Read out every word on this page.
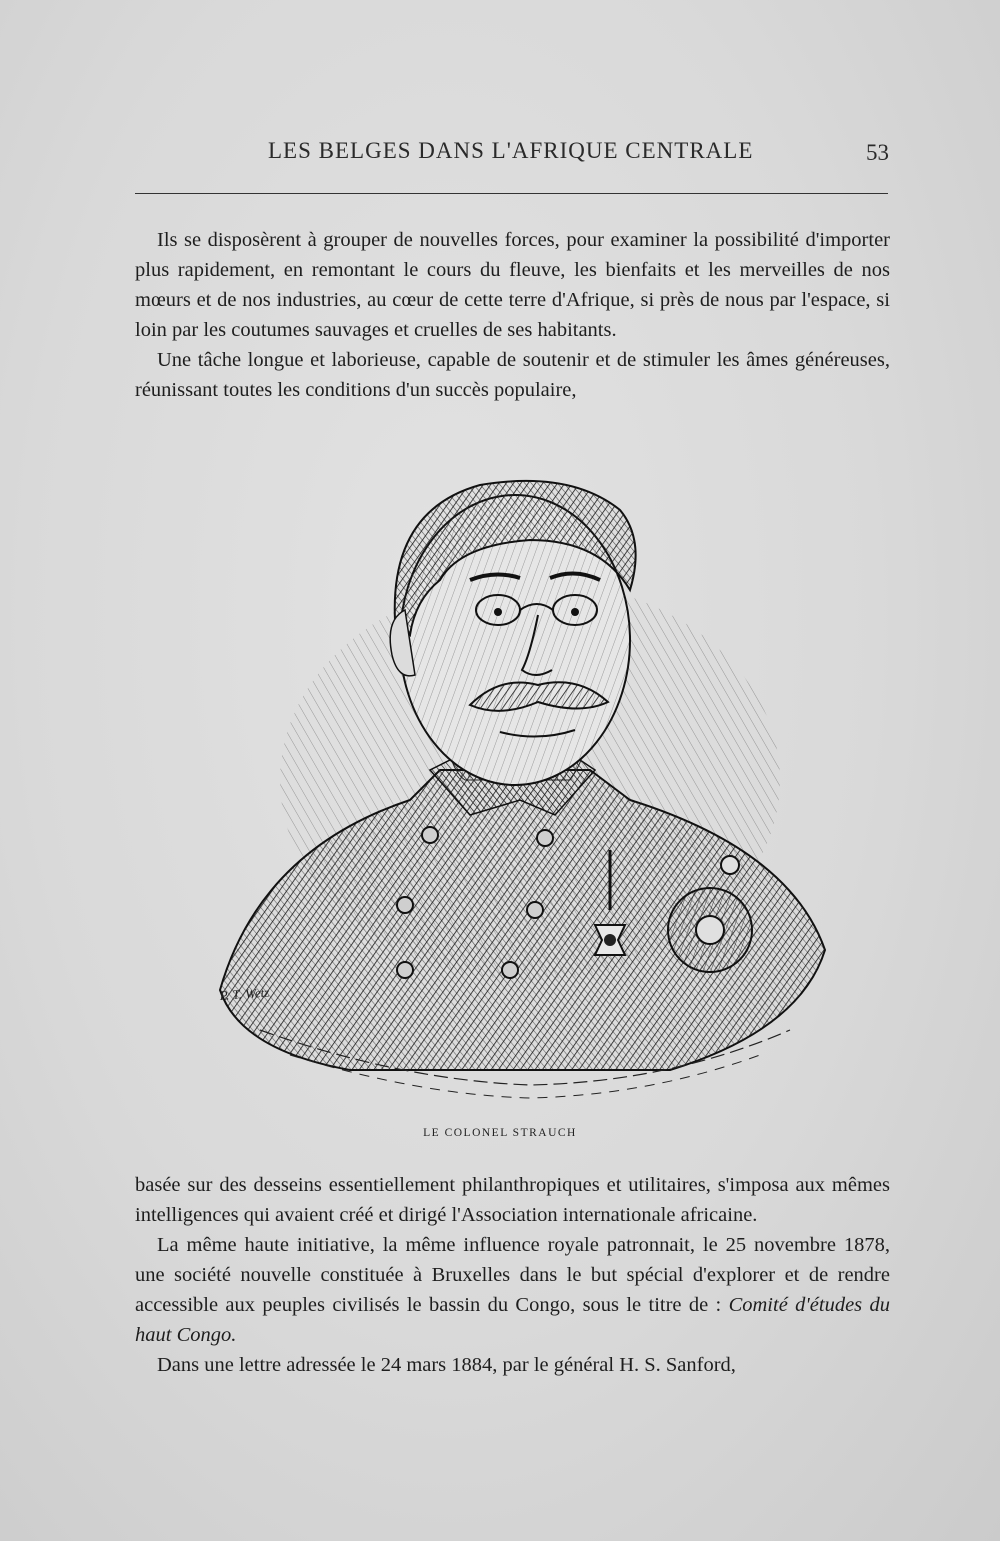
LES BELGES DANS L'AFRIQUE CENTRALE	53

Ils se disposèrent à grouper de nouvelles forces, pour examiner la possibilité d'importer plus rapidement, en remontant le cours du fleuve, les bienfaits et les merveilles de nos mœurs et de nos industries, au cœur de cette terre d'Afrique, si près de nous par l'espace, si loin par les coutumes sauvages et cruelles de ses habitants.

Une tâche longue et laborieuse, capable de soutenir et de stimuler les âmes généreuses, réunissant toutes les conditions d'un succès populaire,

P. T. Wetz
LE COLONEL STRAUCH

basée sur des desseins essentiellement philanthropiques et utilitaires, s'imposa aux mêmes intelligences qui avaient créé et dirigé l'Association internationale africaine.

La même haute initiative, la même influence royale patronnait, le 25 novembre 1878, une société nouvelle constituée à Bruxelles dans le but spécial d'explorer et de rendre accessible aux peuples civilisés le bassin du Congo, sous le titre de : Comité d'études du haut Congo.

Dans une lettre adressée le 24 mars 1884, par le général H. S. Sanford,
